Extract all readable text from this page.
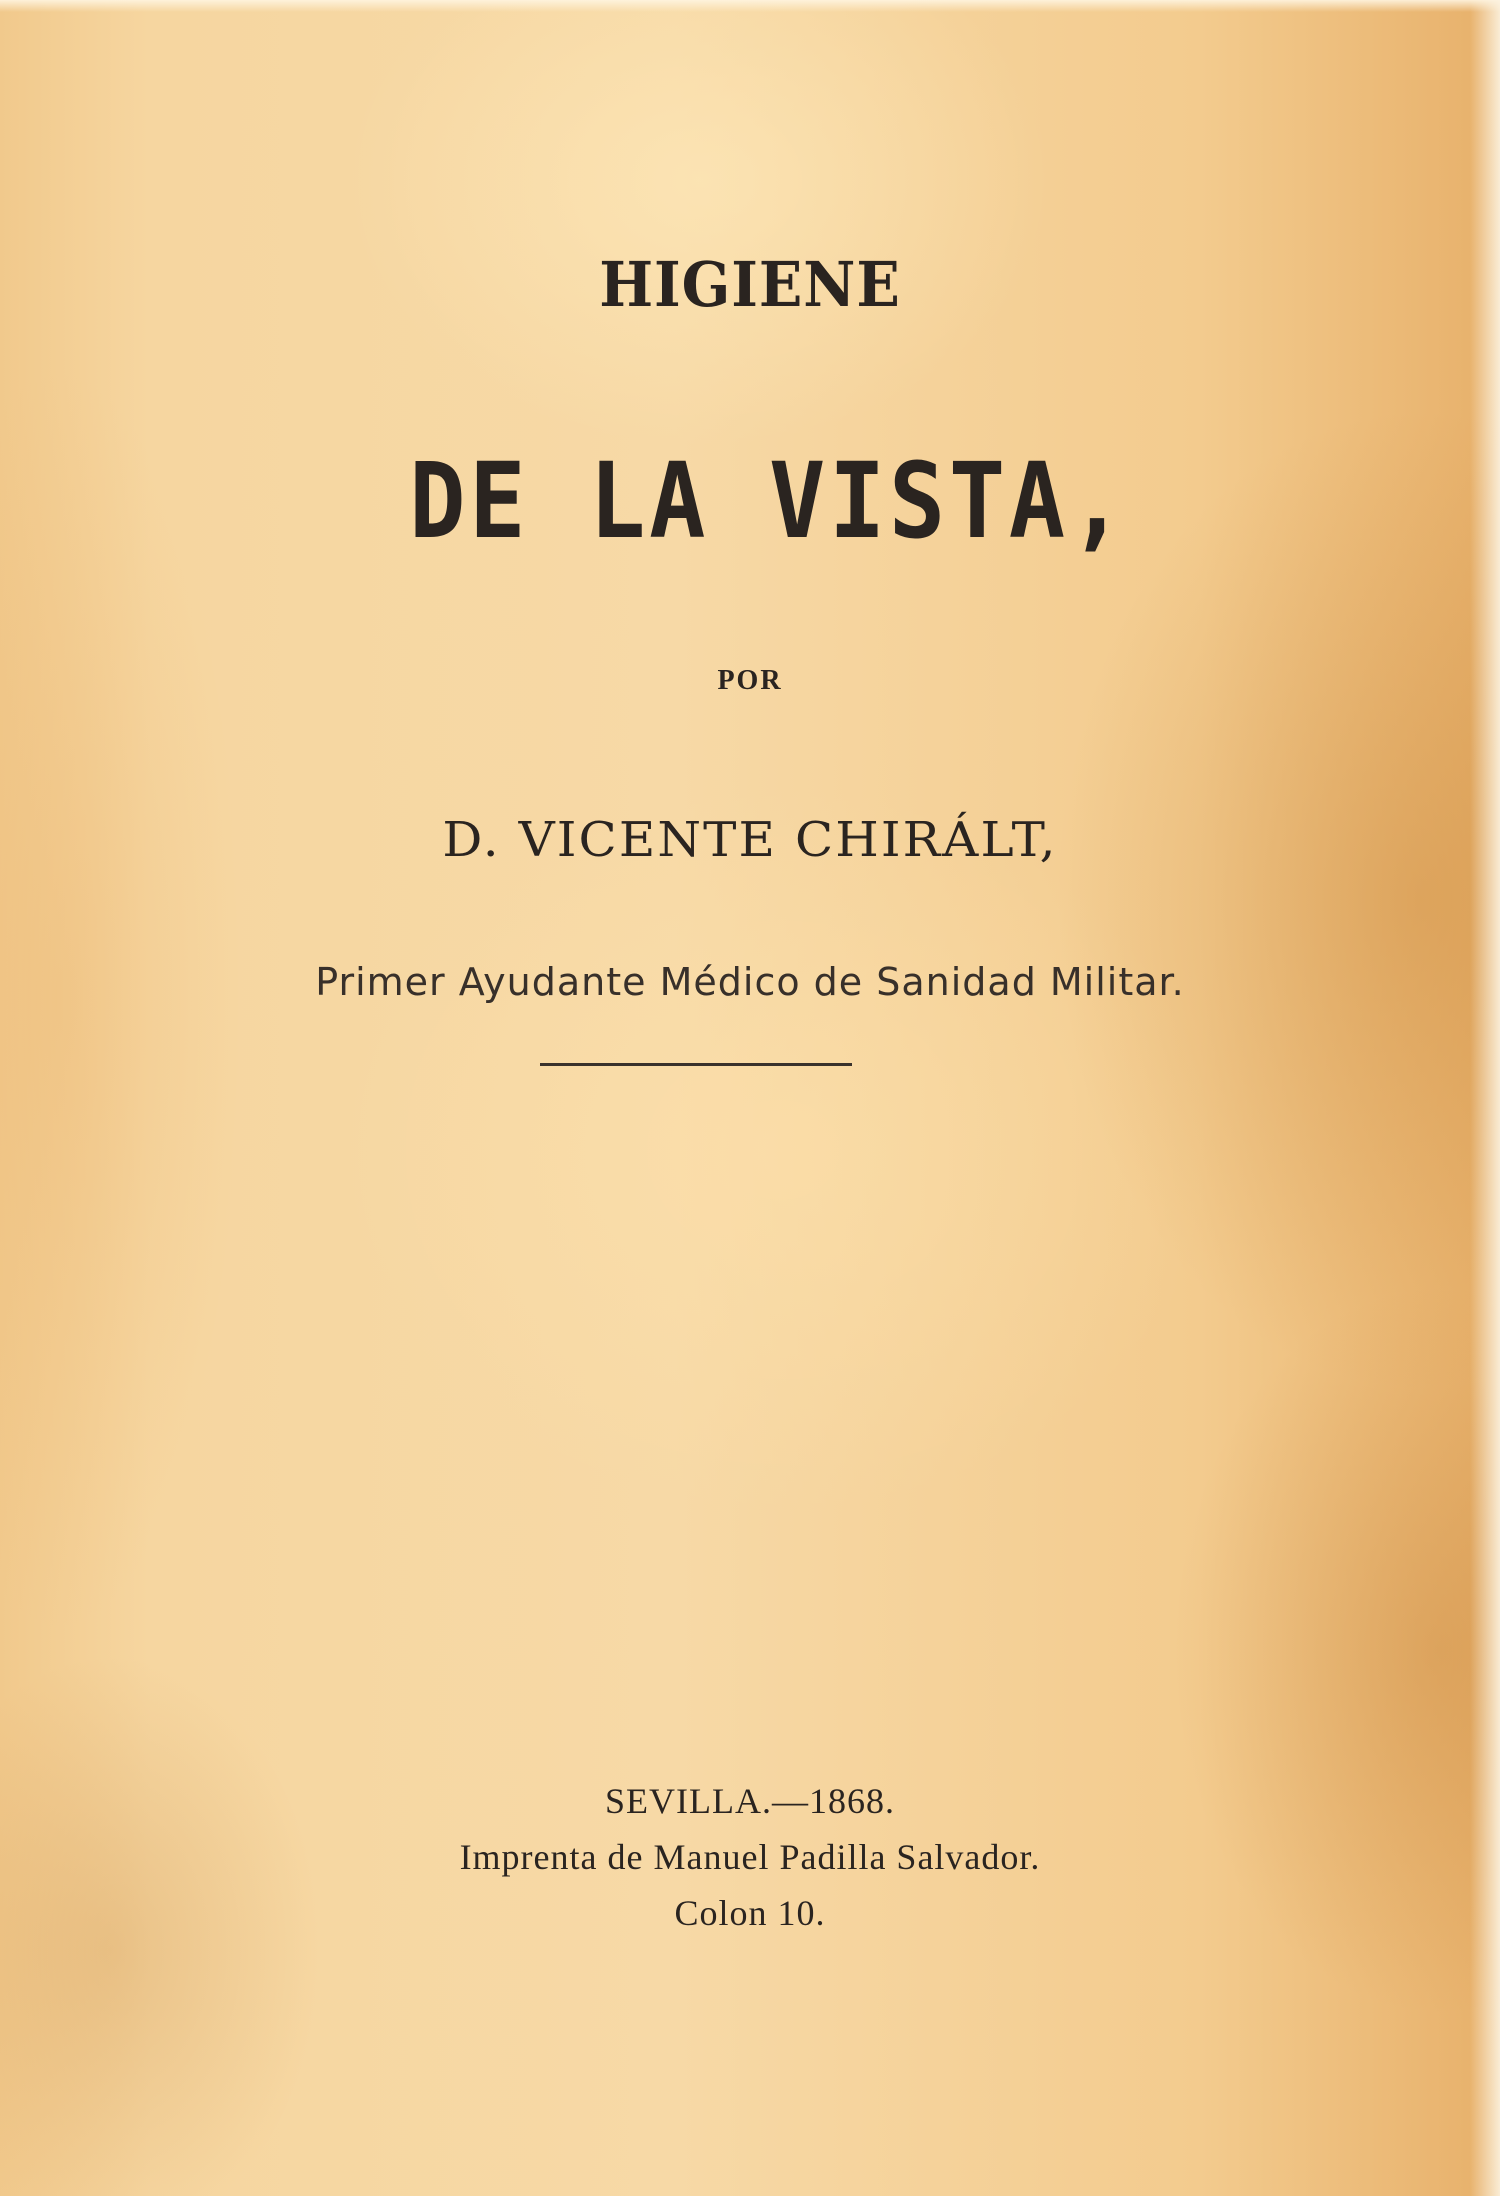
HIGIENE
DE LA VISTA,

POR

D. VICENTE CHIRÁLT,

Primer Ayudante Médico de Sanidad Militar.

SEVILLA.—1868.

Imprenta de Manuel Padilla Salvador.

Colon 10.
